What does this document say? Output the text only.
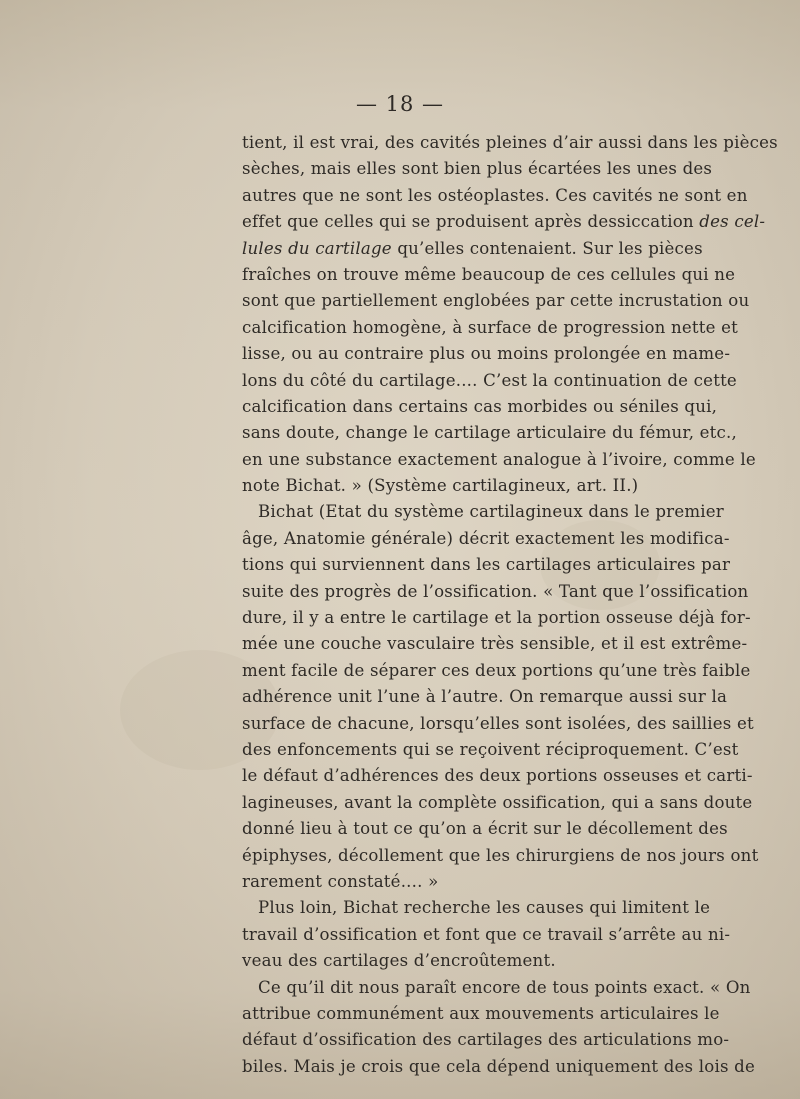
— 18 —
tient, il est vrai, des cavités pleines d’air aussi dans les pièces
sèches, mais elles sont bien plus écartées les unes des
autres que ne sont les ostéoplastes. Ces cavités ne sont en
effet que celles qui se produisent après dessiccation des cel-
lules du cartilage qu’elles contenaient. Sur les pièces
fraîches on trouve même beaucoup de ces cellules qui ne
sont que partiellement englobées par cette incrustation ou
calcification homogène, à surface de progression nette et
lisse, ou au contraire plus ou moins prolongée en mame-
lons du côté du cartilage.... C’est la continuation de cette
calcification dans certains cas morbides ou séniles qui,
sans doute, change le cartilage articulaire du fémur, etc.,
en une substance exactement analogue à l’ivoire, comme le
note Bichat. » (Système cartilagineux, art. II.)
Bichat (Etat du système cartilagineux dans le premier
âge, Anatomie générale) décrit exactement les modifica-
tions qui surviennent dans les cartilages articulaires par
suite des progrès de l’ossification. « Tant que l’ossification
dure, il y a entre le cartilage et la portion osseuse déjà for-
mée une couche vasculaire très sensible, et il est extrême-
ment facile de séparer ces deux portions qu’une très faible
adhérence unit l’une à l’autre. On remarque aussi sur la
surface de chacune, lorsqu’elles sont isolées, des saillies et
des enfoncements qui se reçoivent réciproquement. C’est
le défaut d’adhérences des deux portions osseuses et carti-
lagineuses, avant la complète ossification, qui a sans doute
donné lieu à tout ce qu’on a écrit sur le décollement des
épiphyses, décollement que les chirurgiens de nos jours ont
rarement constaté.... »
Plus loin, Bichat recherche les causes qui limitent le
travail d’ossification et font que ce travail s’arrête au ni-
veau des cartilages d’encroûtement.
Ce qu’il dit nous paraît encore de tous points exact. « On
attribue communément aux mouvements articulaires le
défaut d’ossification des cartilages des articulations mo-
biles. Mais je crois que cela dépend uniquement des lois de
